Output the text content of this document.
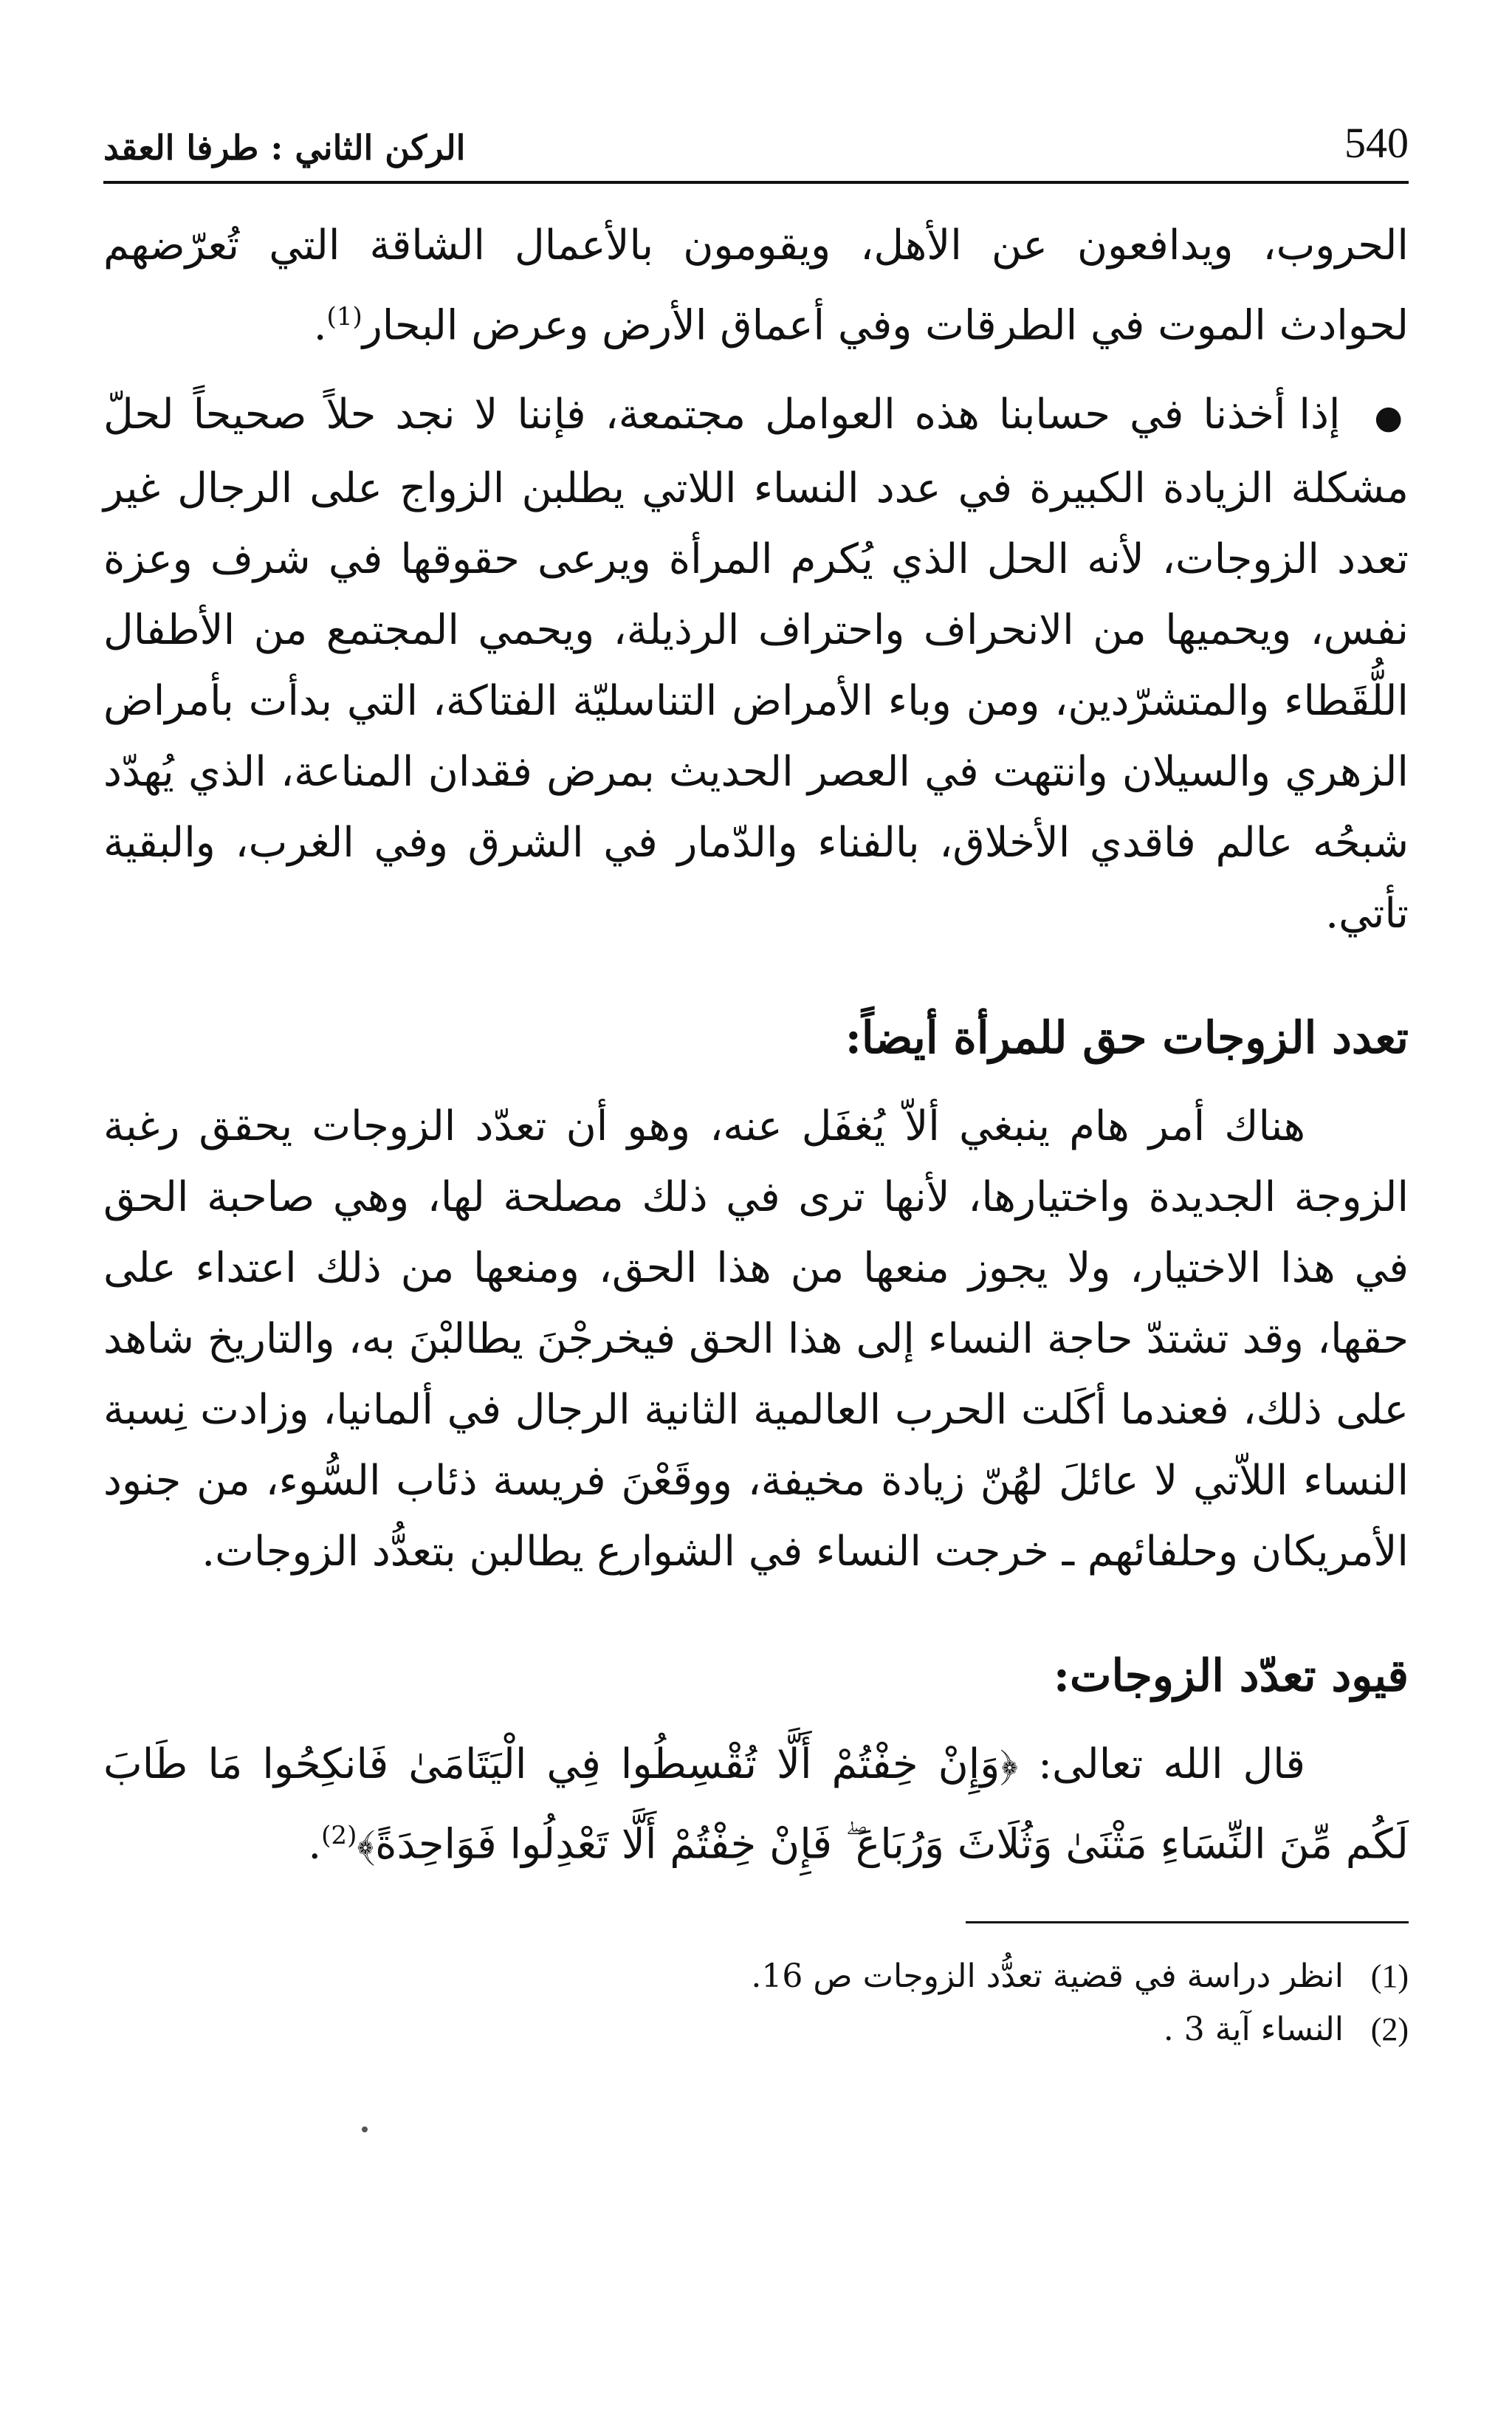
540
الركن الثاني : طرفا العقد

الحروب، ويدافعون عن الأهل، ويقومون بالأعمال الشاقة التي تُعرّضهم لحوادث الموت في الطرقات وفي أعماق الأرض وعرض البحار$^{(1)}$.

● إذا أخذنا في حسابنا هذه العوامل مجتمعة، فإننا لا نجد حلاً صحيحاً لحلّ مشكلة الزيادة الكبيرة في عدد النساء اللاتي يطلبن الزواج على الرجال غير تعدد الزوجات، لأنه الحل الذي يُكرم المرأة ويرعى حقوقها في شرف وعزة نفس، ويحميها من الانحراف واحتراف الرذيلة، ويحمي المجتمع من الأطفال اللُّقَطاء والمتشرّدين، ومن وباء الأمراض التناسليّة الفتاكة، التي بدأت بأمراض الزهري والسيلان وانتهت في العصر الحديث بمرض فقدان المناعة، الذي يُهدّد شبحُه عالم فاقدي الأخلاق، بالفناء والدّمار في الشرق وفي الغرب، والبقية تأتي.

تعدد الزوجات حق للمرأة أيضاً:

هناك أمر هام ينبغي ألاّ يُغفَل عنه، وهو أن تعدّد الزوجات يحقق رغبة الزوجة الجديدة واختيارها، لأنها ترى في ذلك مصلحة لها، وهي صاحبة الحق في هذا الاختيار، ولا يجوز منعها من هذا الحق، ومنعها من ذلك اعتداء على حقها، وقد تشتدّ حاجة النساء إلى هذا الحق فيخرجْنَ يطالبْنَ به، والتاريخ شاهد على ذلك، فعندما أكَلت الحرب العالمية الثانية الرجال في ألمانيا، وزادت نِسبة النساء اللاّتي لا عائلَ لهُنّ زيادة مخيفة، ووقَعْنَ فريسة ذئاب السُّوء، من جنود الأمريكان وحلفائهم ـ خرجت النساء في الشوارع يطالبن بتعدُّد الزوجات.

قيود تعدّد الزوجات:

قال الله تعالى: ﴿وَإِنْ خِفْتُمْ أَلَّا تُقْسِطُوا فِي الْيَتَامَىٰ فَانكِحُوا مَا طَابَ لَكُم مِّنَ النِّسَاءِ مَثْنَىٰ وَثُلَاثَ وَرُبَاعَ ۖ فَإِنْ خِفْتُمْ أَلَّا تَعْدِلُوا فَوَاحِدَةً﴾$^{(2)}$.

(1)
انظر دراسة في قضية تعدُّد الزوجات ص 16.
(2)
النساء آية 3 .
